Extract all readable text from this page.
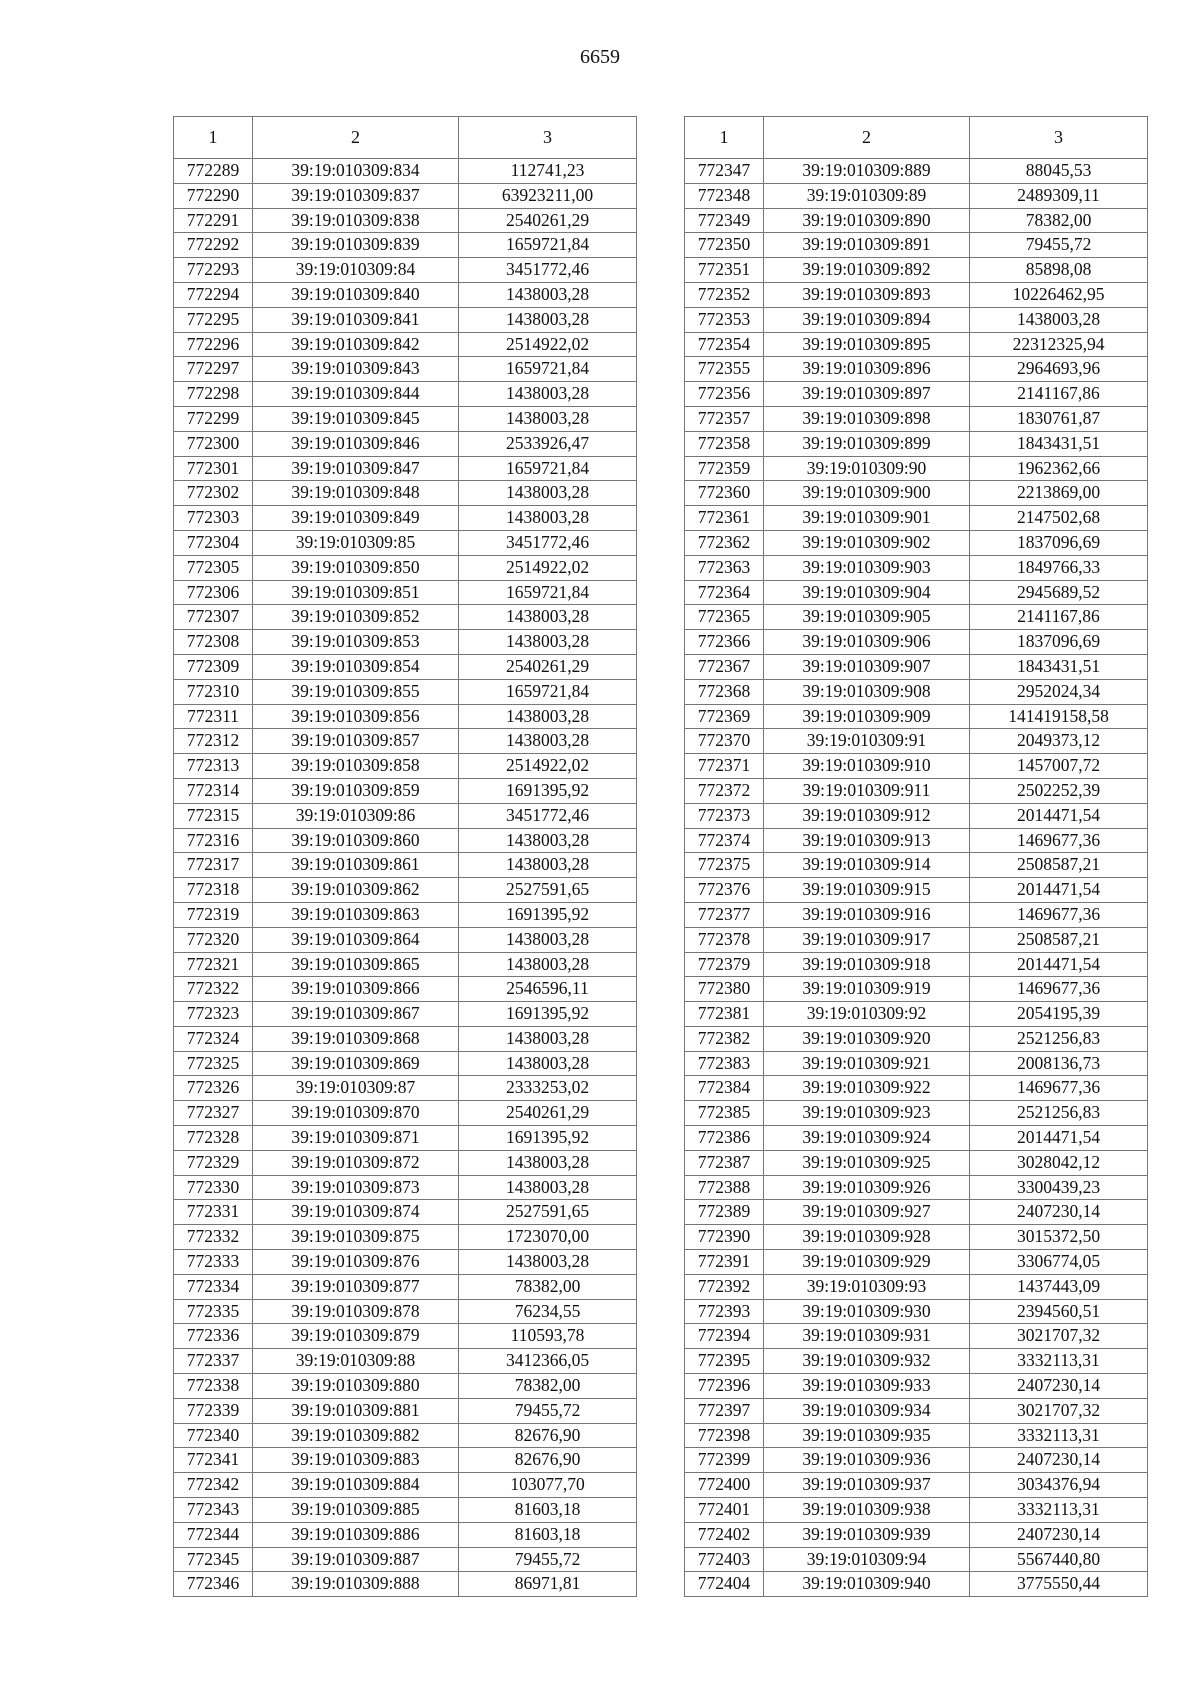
6659
1	2	3
772289	39:19:010309:834	112741,23
772290	39:19:010309:837	63923211,00
772291	39:19:010309:838	2540261,29
772292	39:19:010309:839	1659721,84
772293	39:19:010309:84	3451772,46
772294	39:19:010309:840	1438003,28
772295	39:19:010309:841	1438003,28
772296	39:19:010309:842	2514922,02
772297	39:19:010309:843	1659721,84
772298	39:19:010309:844	1438003,28
772299	39:19:010309:845	1438003,28
772300	39:19:010309:846	2533926,47
772301	39:19:010309:847	1659721,84
772302	39:19:010309:848	1438003,28
772303	39:19:010309:849	1438003,28
772304	39:19:010309:85	3451772,46
772305	39:19:010309:850	2514922,02
772306	39:19:010309:851	1659721,84
772307	39:19:010309:852	1438003,28
772308	39:19:010309:853	1438003,28
772309	39:19:010309:854	2540261,29
772310	39:19:010309:855	1659721,84
772311	39:19:010309:856	1438003,28
772312	39:19:010309:857	1438003,28
772313	39:19:010309:858	2514922,02
772314	39:19:010309:859	1691395,92
772315	39:19:010309:86	3451772,46
772316	39:19:010309:860	1438003,28
772317	39:19:010309:861	1438003,28
772318	39:19:010309:862	2527591,65
772319	39:19:010309:863	1691395,92
772320	39:19:010309:864	1438003,28
772321	39:19:010309:865	1438003,28
772322	39:19:010309:866	2546596,11
772323	39:19:010309:867	1691395,92
772324	39:19:010309:868	1438003,28
772325	39:19:010309:869	1438003,28
772326	39:19:010309:87	2333253,02
772327	39:19:010309:870	2540261,29
772328	39:19:010309:871	1691395,92
772329	39:19:010309:872	1438003,28
772330	39:19:010309:873	1438003,28
772331	39:19:010309:874	2527591,65
772332	39:19:010309:875	1723070,00
772333	39:19:010309:876	1438003,28
772334	39:19:010309:877	78382,00
772335	39:19:010309:878	76234,55
772336	39:19:010309:879	110593,78
772337	39:19:010309:88	3412366,05
772338	39:19:010309:880	78382,00
772339	39:19:010309:881	79455,72
772340	39:19:010309:882	82676,90
772341	39:19:010309:883	82676,90
772342	39:19:010309:884	103077,70
772343	39:19:010309:885	81603,18
772344	39:19:010309:886	81603,18
772345	39:19:010309:887	79455,72
772346	39:19:010309:888	86971,81
1	2	3
772347	39:19:010309:889	88045,53
772348	39:19:010309:89	2489309,11
772349	39:19:010309:890	78382,00
772350	39:19:010309:891	79455,72
772351	39:19:010309:892	85898,08
772352	39:19:010309:893	10226462,95
772353	39:19:010309:894	1438003,28
772354	39:19:010309:895	22312325,94
772355	39:19:010309:896	2964693,96
772356	39:19:010309:897	2141167,86
772357	39:19:010309:898	1830761,87
772358	39:19:010309:899	1843431,51
772359	39:19:010309:90	1962362,66
772360	39:19:010309:900	2213869,00
772361	39:19:010309:901	2147502,68
772362	39:19:010309:902	1837096,69
772363	39:19:010309:903	1849766,33
772364	39:19:010309:904	2945689,52
772365	39:19:010309:905	2141167,86
772366	39:19:010309:906	1837096,69
772367	39:19:010309:907	1843431,51
772368	39:19:010309:908	2952024,34
772369	39:19:010309:909	141419158,58
772370	39:19:010309:91	2049373,12
772371	39:19:010309:910	1457007,72
772372	39:19:010309:911	2502252,39
772373	39:19:010309:912	2014471,54
772374	39:19:010309:913	1469677,36
772375	39:19:010309:914	2508587,21
772376	39:19:010309:915	2014471,54
772377	39:19:010309:916	1469677,36
772378	39:19:010309:917	2508587,21
772379	39:19:010309:918	2014471,54
772380	39:19:010309:919	1469677,36
772381	39:19:010309:92	2054195,39
772382	39:19:010309:920	2521256,83
772383	39:19:010309:921	2008136,73
772384	39:19:010309:922	1469677,36
772385	39:19:010309:923	2521256,83
772386	39:19:010309:924	2014471,54
772387	39:19:010309:925	3028042,12
772388	39:19:010309:926	3300439,23
772389	39:19:010309:927	2407230,14
772390	39:19:010309:928	3015372,50
772391	39:19:010309:929	3306774,05
772392	39:19:010309:93	1437443,09
772393	39:19:010309:930	2394560,51
772394	39:19:010309:931	3021707,32
772395	39:19:010309:932	3332113,31
772396	39:19:010309:933	2407230,14
772397	39:19:010309:934	3021707,32
772398	39:19:010309:935	3332113,31
772399	39:19:010309:936	2407230,14
772400	39:19:010309:937	3034376,94
772401	39:19:010309:938	3332113,31
772402	39:19:010309:939	2407230,14
772403	39:19:010309:94	5567440,80
772404	39:19:010309:940	3775550,44
